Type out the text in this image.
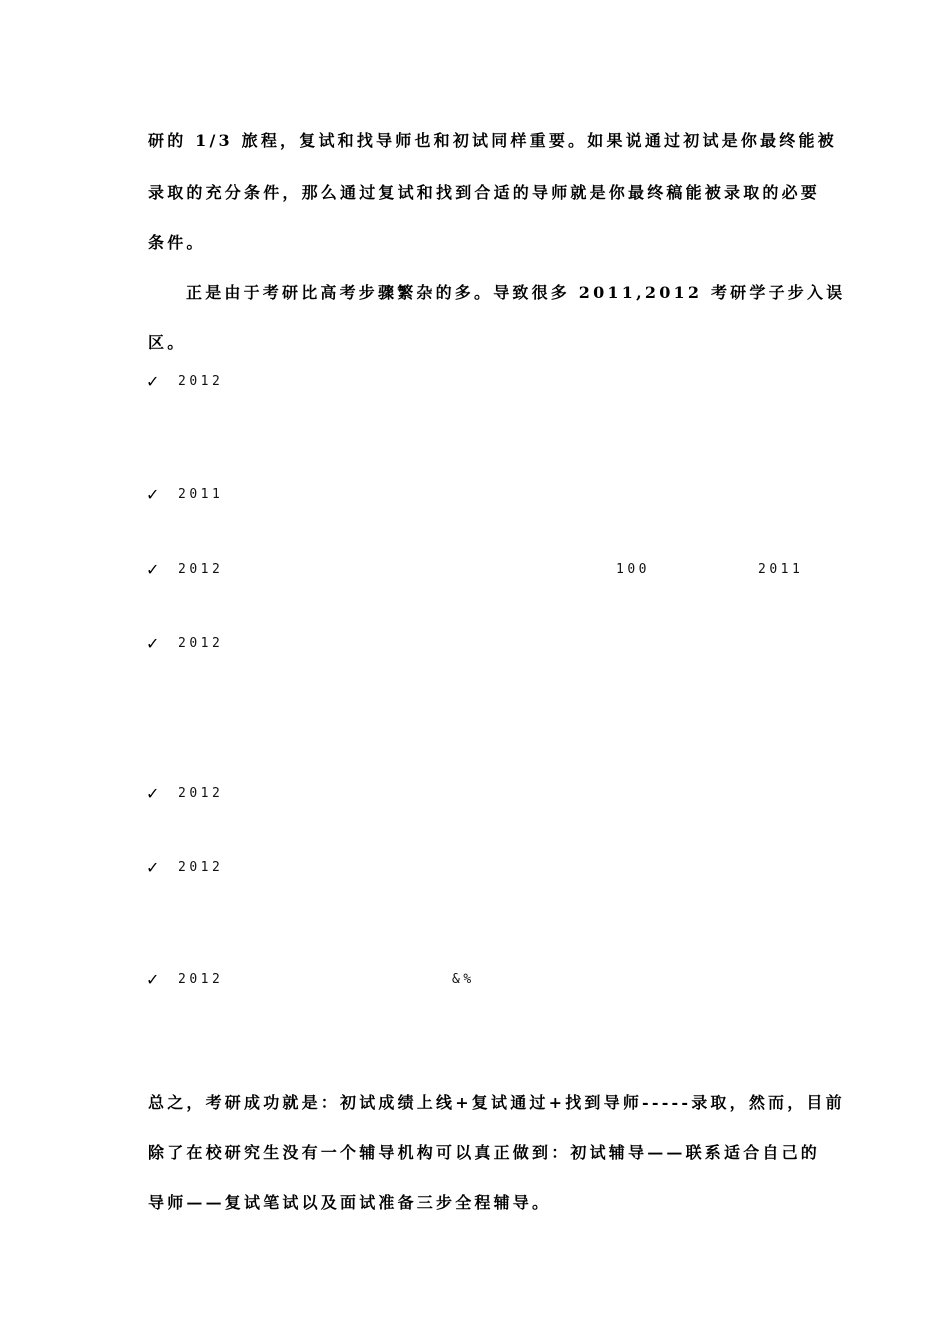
研的 1/3 旅程，复试和找导师也和初试同样重要。如果说通过初试是你最终能被
录取的充分条件，那么通过复试和找到合适的导师就是你最终稿能被录取的必要
条件。
正是由于考研比高考步骤繁杂的多。导致很多 2011,2012 考研学子步入误
区。
✓ 2012
✓ 2011
✓ 2012	100	2011
✓ 2012
✓ 2012
✓ 2012
✓ 2012	&%
总之，考研成功就是：初试成绩上线+复试通过+找到导师-----录取，然而，目前
除了在校研究生没有一个辅导机构可以真正做到：初试辅导——联系适合自己的
导师——复试笔试以及面试准备三步全程辅导。
